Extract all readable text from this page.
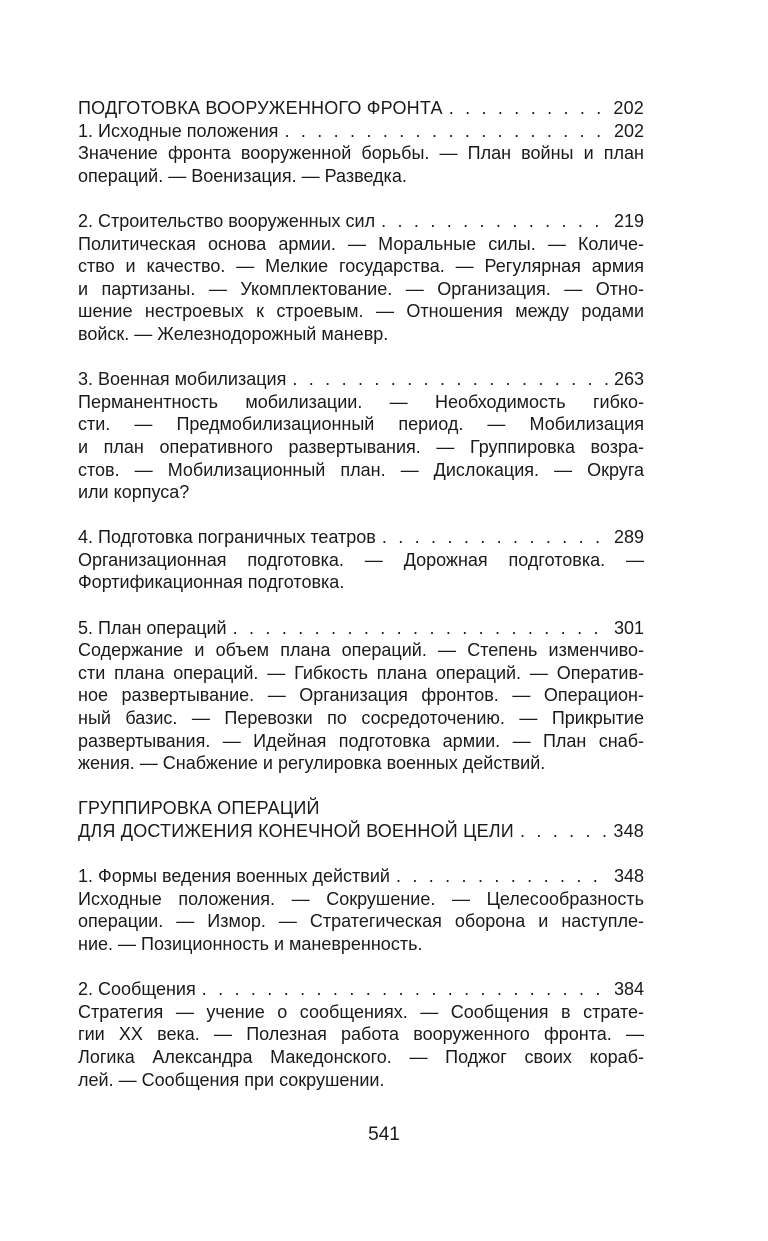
ПОДГОТОВКА ВООРУЖЕННОГО ФРОНТА . . .	202
1. Исходные положения . . .	202
Значение фронта вооруженной борьбы. — План войны и план
операций. — Военизация. — Разведка.
2. Строительство вооруженных сил . . .	219
Политическая основа армии. — Моральные силы. — Количе-
ство и качество. — Мелкие государства. — Регулярная армия
и партизаны. — Укомплектование. — Организация. — Отно-
шение нестроевых к строевым. — Отношения между родами
войск. — Железнодорожный маневр.
3. Военная мобилизация . . .	263
Перманентность мобилизации. — Необходимость гибко-
сти. — Предмобилизационный период. — Мобилизация
и план оперативного развертывания. — Группировка возра-
стов. — Мобилизационный план. — Дислокация. — Округа
или корпуса?
4. Подготовка пограничных театров . . .	289
Организационная подготовка. — Дорожная подготовка. —
Фортификационная подготовка.
5. План операций . . .	301
Содержание и объем плана операций. — Степень изменчиво-
сти плана операций. — Гибкость плана операций. — Оператив-
ное развертывание. — Организация фронтов. — Операцион-
ный базис. — Перевозки по сосредоточению. — Прикрытие
развертывания. — Идейная подготовка армии. — План снаб-
жения. — Снабжение и регулировка военных действий.
ГРУППИРОВКА ОПЕРАЦИЙ
ДЛЯ ДОСТИЖЕНИЯ КОНЕЧНОЙ ВОЕННОЙ ЦЕЛИ . . .	348
1. Формы ведения военных действий . . .	348
Исходные положения. — Сокрушение. — Целесообразность
операции. — Измор. — Стратегическая оборона и наступле-
ние. — Позиционность и маневренность.
2. Сообщения . . .	384
Стратегия — учение о сообщениях. — Сообщения в страте-
гии XX века. — Полезная работа вооруженного фронта. —
Логика Александра Македонского. — Поджог своих кораб-
лей. — Сообщения при сокрушении.
541
